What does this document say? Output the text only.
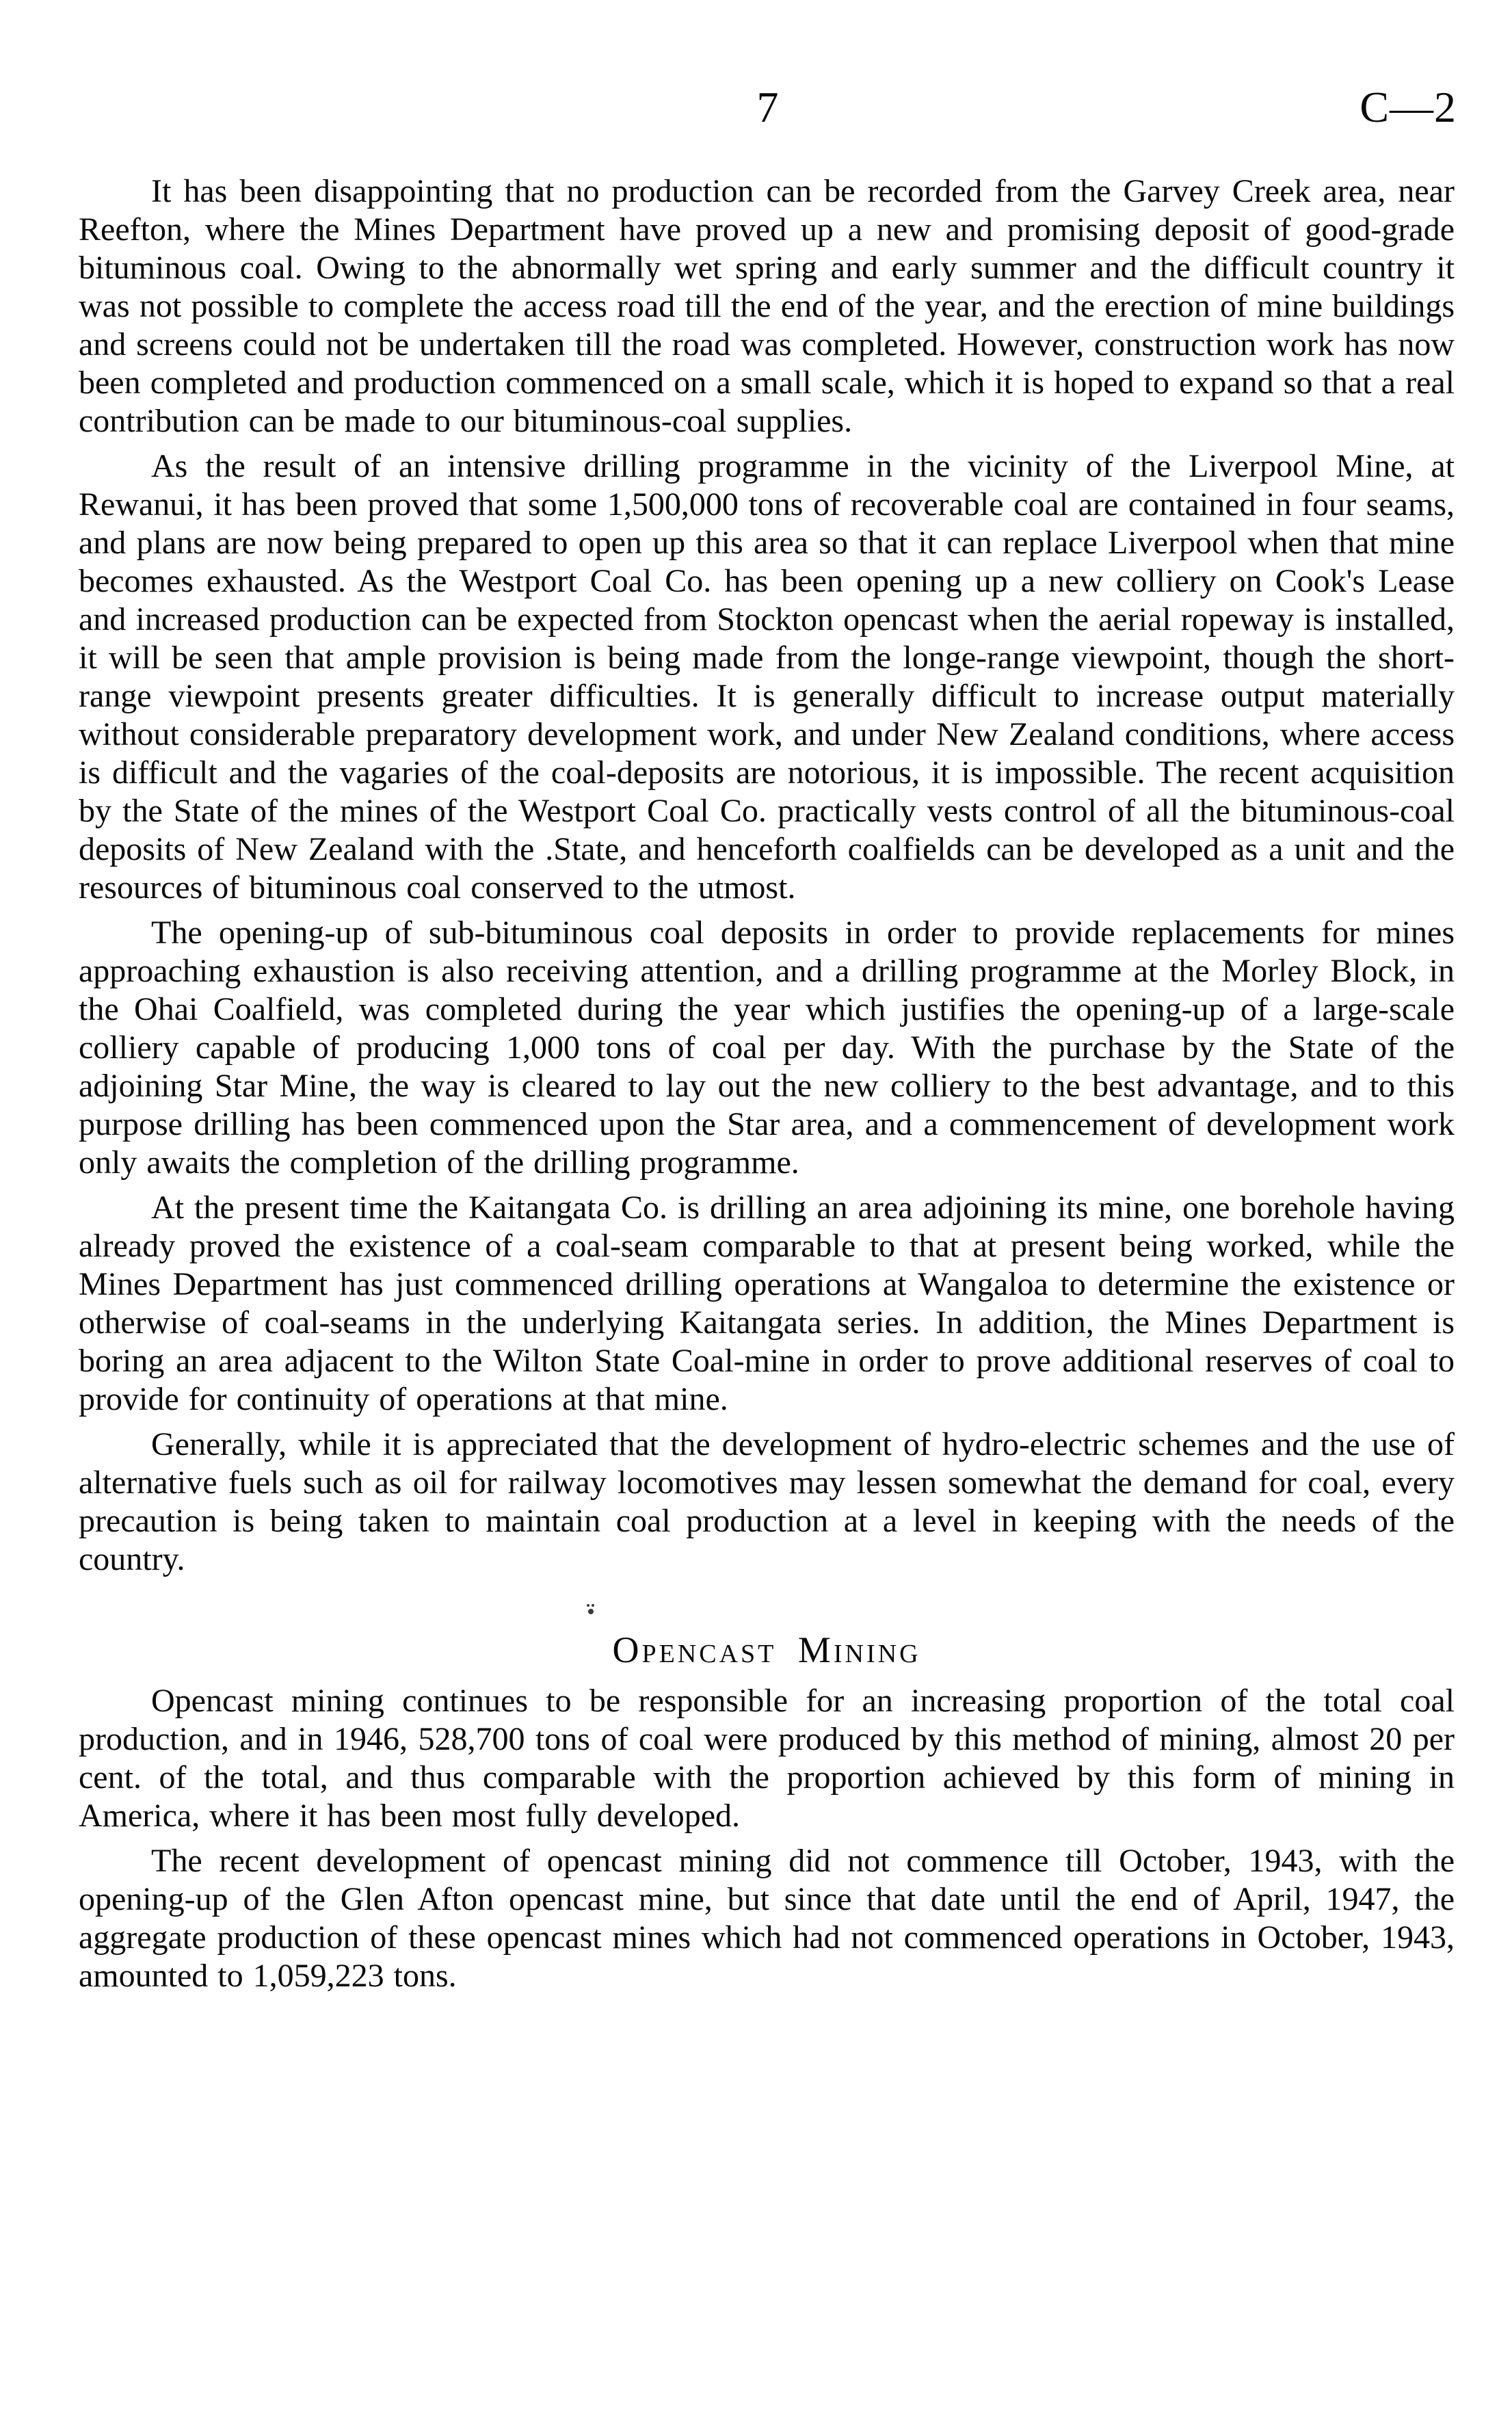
7	C—2

It has been disappointing that no production can be recorded from the Garvey Creek area, near Reefton, where the Mines Department have proved up a new and promising deposit of good-grade bituminous coal. Owing to the abnormally wet spring and early summer and the difficult country it was not possible to complete the access road till the end of the year, and the erection of mine buildings and screens could not be undertaken till the road was completed. However, construction work has now been completed and production commenced on a small scale, which it is hoped to expand so that a real contribution can be made to our bituminous-coal supplies.

As the result of an intensive drilling programme in the vicinity of the Liverpool Mine, at Rewanui, it has been proved that some 1,500,000 tons of recoverable coal are contained in four seams, and plans are now being prepared to open up this area so that it can replace Liverpool when that mine becomes exhausted. As the Westport Coal Co. has been opening up a new colliery on Cook's Lease and increased production can be expected from Stockton opencast when the aerial ropeway is installed, it will be seen that ample provision is being made from the longe-range viewpoint, though the short-range viewpoint presents greater difficulties. It is generally difficult to increase output materially without considerable preparatory development work, and under New Zealand conditions, where access is difficult and the vagaries of the coal-deposits are notorious, it is impossible. The recent acquisition by the State of the mines of the Westport Coal Co. practically vests control of all the bituminous-coal deposits of New Zealand with the .State, and henceforth coalfields can be developed as a unit and the resources of bituminous coal conserved to the utmost.

The opening-up of sub-bituminous coal deposits in order to provide replacements for mines approaching exhaustion is also receiving attention, and a drilling programme at the Morley Block, in the Ohai Coalfield, was completed during the year which justifies the opening-up of a large-scale colliery capable of producing 1,000 tons of coal per day. With the purchase by the State of the adjoining Star Mine, the way is cleared to lay out the new colliery to the best advantage, and to this purpose drilling has been commenced upon the Star area, and a commencement of development work only awaits the completion of the drilling programme.

At the present time the Kaitangata Co. is drilling an area adjoining its mine, one borehole having already proved the existence of a coal-seam comparable to that at present being worked, while the Mines Department has just commenced drilling operations at Wangaloa to determine the existence or otherwise of coal-seams in the underlying Kaitangata series. In addition, the Mines Department is boring an area adjacent to the Wilton State Coal-mine in order to prove additional reserves of coal to provide for continuity of operations at that mine.

Generally, while it is appreciated that the development of hydro-electric schemes and the use of alternative fuels such as oil for railway locomotives may lessen somewhat the demand for coal, every precaution is being taken to maintain coal production at a level in keeping with the needs of the country.

Opencast Mining

Opencast mining continues to be responsible for an increasing proportion of the total coal production, and in 1946, 528,700 tons of coal were produced by this method of mining, almost 20 per cent. of the total, and thus comparable with the proportion achieved by this form of mining in America, where it has been most fully developed.

The recent development of opencast mining did not commence till October, 1943, with the opening-up of the Glen Afton opencast mine, but since that date until the end of April, 1947, the aggregate production of these opencast mines which had not commenced operations in October, 1943, amounted to 1,059,223 tons.
